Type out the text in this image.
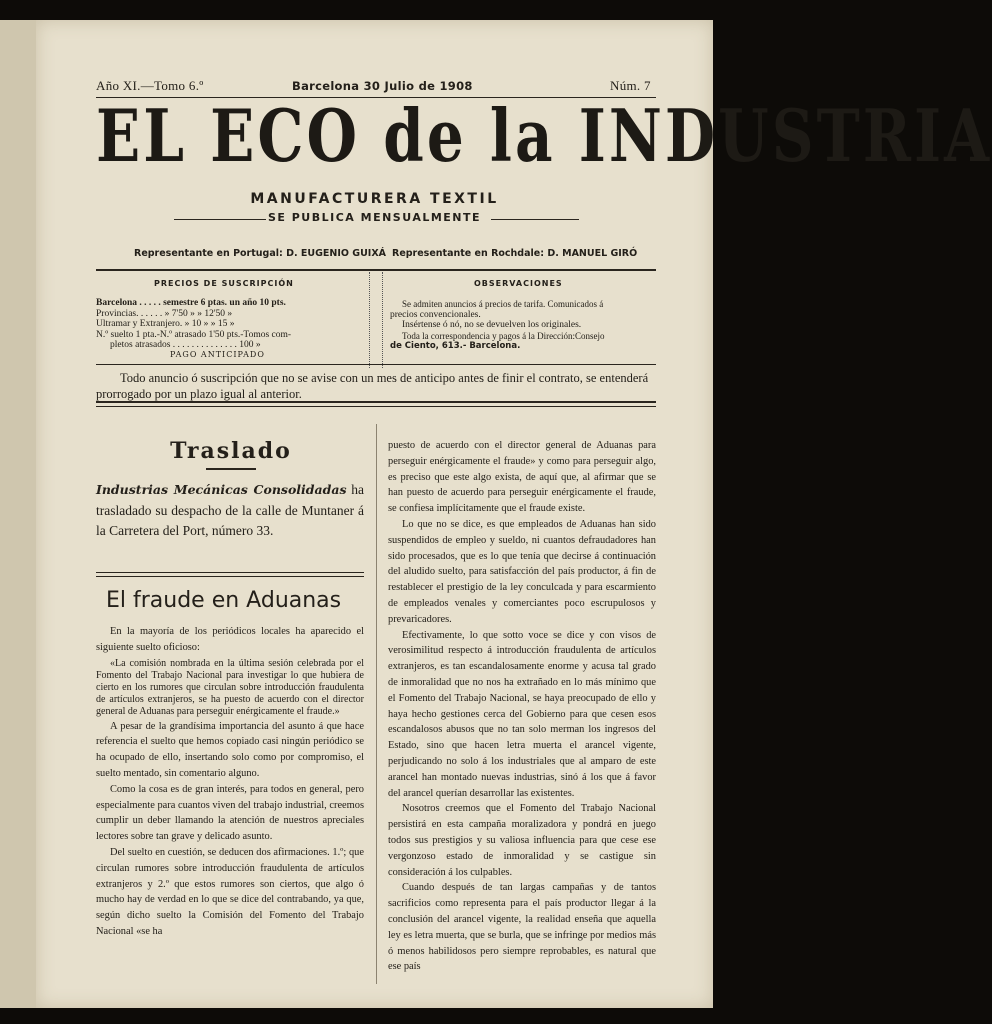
Año XI.—Tomo 6.º	Barcelona 30 Julio de 1908	Núm. 7
EL ECO de la INDUSTRIA
MANUFACTURERA TEXTIL
SE PUBLICA MENSUALMENTE
Representante en Portugal: D. EUGENIO GUIXÁ Representante en Rochdale: D. MANUEL GIRÓ
PRECIOS DE SUSCRIPCIÓN
Barcelona . . . . . semestre 6 ptas. un año 10 pts.
Provincias. . . . . . » 7'50 » » 12'50 »
Ultramar y Extranjero. » 10 » » 15 »
N.º suelto 1 pta.-N.º atrasado 1'50 pts.-Tomos com-
pletos atrasados . . . . . . . . . . . . . . 100 »
PAGO ANTICIPADO
OBSERVACIONES
Se admiten anuncios á precios de tarifa. Comunicados á
precios convencionales.
Insértense ó nó, no se devuelven los originales.
Toda la correspondencia y pagos á la Dirección:Consejo
de Ciento, 613.- Barcelona.
Todo anuncio ó suscripción que no se avise con un mes de anticipo antes de finir el contrato, se entenderá prorrogado por un plazo igual al anterior.
Traslado
Industrias Mecánicas Consolidadas ha trasladado su despacho de la calle de Muntaner á la Carretera del Port, número 33.
El fraude en Aduanas

En la mayoría de los periódicos locales ha aparecido el siguiente suelto oficioso:

«La comisión nombrada en la última sesión celebrada por el Fomento del Trabajo Nacional para investigar lo que hubiera de cierto en los rumores que circulan sobre introducción fraudulenta de artículos extranjeros, se ha puesto de acuerdo con el director general de Aduanas para perseguir enérgicamente el fraude.»

A pesar de la grandísima importancia del asunto á que hace referencia el suelto que hemos copiado casi ningún periódico se ha ocupado de ello, insertando solo como por compromiso, el suelto mentado, sin comentario alguno.

Como la cosa es de gran interés, para todos en general, pero especialmente para cuantos viven del trabajo industrial, creemos cumplir un deber llamando la atención de nuestros apreciales lectores sobre tan grave y delicado asunto.

Del suelto en cuestión, se deducen dos afirmaciones. 1.º; que circulan rumores sobre introducción fraudulenta de artículos extranjeros y 2.º que estos rumores son ciertos, que algo ó mucho hay de verdad en lo que se dice del contrabando, ya que, según dicho suelto la Comisión del Fomento del Trabajo Nacional «se ha

puesto de acuerdo con el director general de Aduanas para perseguir enérgicamente el fraude» y como para perseguir algo, es preciso que este algo exista, de aquí que, al afirmar que se han puesto de acuerdo para perseguir enérgicamente el fraude, se confiesa implícitamente que el fraude existe.

Lo que no se dice, es que empleados de Aduanas han sido suspendidos de empleo y sueldo, ni cuantos defraudadores han sido procesados, que es lo que tenía que decirse á continuación del aludido suelto, para satisfacción del país productor, á fin de restablecer el prestigio de la ley conculcada y para escarmiento de empleados venales y comerciantes poco escrupulosos y prevaricadores.

Efectivamente, lo que sotto voce se dice y con visos de verosimilitud respecto á introducción fraudulenta de artículos extranjeros, es tan escandalosamente enorme y acusa tal grado de inmoralidad que no nos ha extrañado en lo más mínimo que el Fomento del Trabajo Nacional, se haya preocupado de ello y haya hecho gestiones cerca del Gobierno para que cesen esos escandalosos abusos que no tan solo merman los ingresos del Estado, sino que hacen letra muerta el arancel vigente, perjudicando no solo á los industriales que al amparo de este arancel han montado nuevas industrias, sinó á los que á favor del arancel querían desarrollar las existentes.

Nosotros creemos que el Fomento del Trabajo Nacional persistirá en esta campaña moralizadora y pondrá en juego todos sus prestigios y su valiosa influencia para que cese ese vergonzoso estado de inmoralidad y se castigue sin consideración á los culpables.

Cuando después de tan largas campañas y de tantos sacrificios como representa para el país productor llegar á la conclusión del arancel vigente, la realidad enseña que aquella ley es letra muerta, que se burla, que se infringe por medios más ó menos habilidosos pero siempre reprobables, es natural que ese país
